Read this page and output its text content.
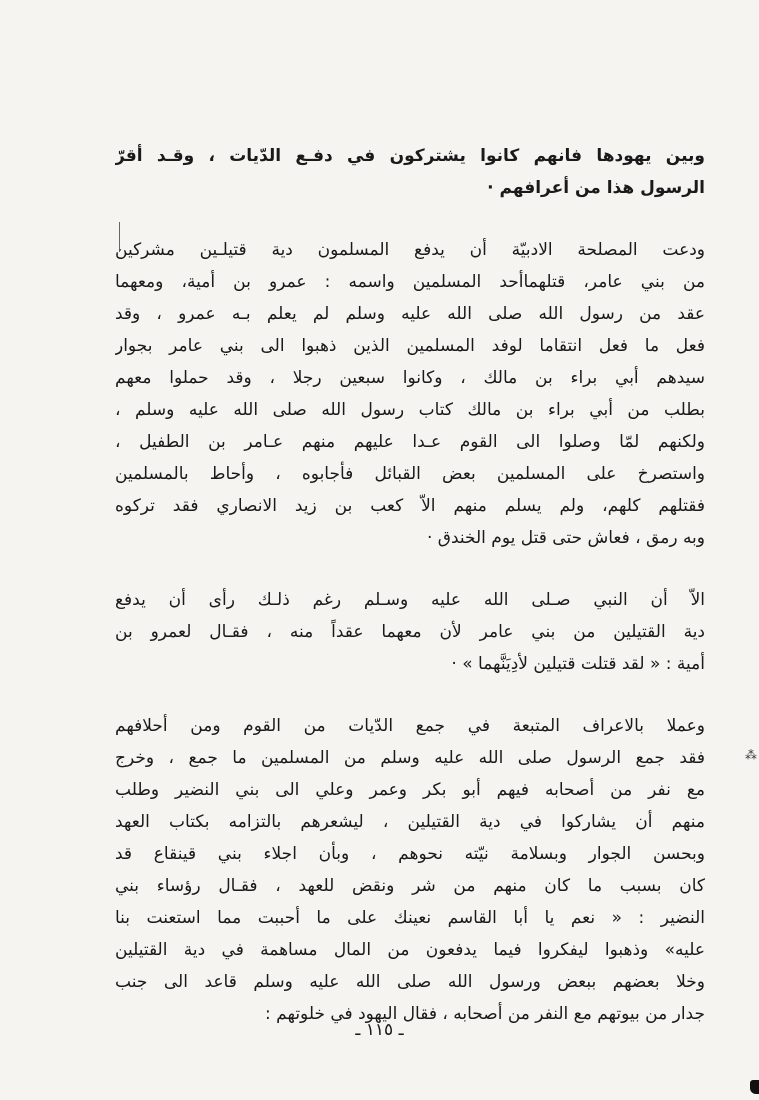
وبين يهودها فانهم كانوا يشتركون في دفـع الدّيات ، وقـد أقرّ
الرسول هذا من أعرافهم ·
ودعت المصلحة الادبيّة أن يدفع المسلمون دية قتيلـين مشركين
من بني عامر، قتلهماأحد المسلمين واسمه : عمرو بن أمية، ومعهما
عقد من رسول الله صلى الله عليه وسلم لم يعلم بـه عمرو ، وقد
فعل ما فعل انتقاما لوفد المسلمين الذين ذهبوا الى بني عامر بجوار
سيدهم أبي براء بن مالك ، وكانوا سبعين رجلا ، وقد حملوا معهم
بطلب من أبي براء بن مالك كتاب رسول الله صلى الله عليه وسلم ،
ولكنهم لمّا وصلوا الى القوم عـدا عليهم منهم عـامر بن الطفيل ،
واستصرخ على المسلمين بعض القبائل فأجابوه ، وأحاط بالمسلمين
فقتلهم كلهم، ولم يسلم منهم الاّ كعب بن زيد الانصاري فقد تركوه
وبه رمق ، فعاش حتى قتل يوم الخندق ·
الاّ أن النبي صـلى الله عليه وسـلم رغم ذلـك رأى أن يدفع
دية القتيلين من بني عامر لأن معهما عقداً منه ، فقـال لعمرو بن
أمية : « لقد قتلت قتيلين لأدِيَنَّهما » ·
وعملا بالاعراف المتبعة في جمع الدّيات من القوم ومن أحلافهم
فقد جمع الرسول صلى الله عليه وسلم من المسلمين ما جمع ، وخرج
مع نفر من أصحابه فيهم أبو بكر وعمر وعلي الى بني النضير وطلب
منهم أن يشاركوا في دية القتيلين ، ليشعرهم بالتزامه بكتاب العهد
وبحسن الجوار وبسلامة نيّته نحوهم ، وبأن اجلاء بني قينقاع قد
كان بسبب ما كان منهم من شر ونقض للعهد ، فقـال رؤساء بني
النضير : « نعم يا أبا القاسم نعينك على ما أحببت مما استعنت بنا
عليه» وذهبوا ليفكروا فيما يدفعون من المال مساهمة في دية القتيلين
وخلا بعضهم ببعض ورسول الله صلى الله عليه وسلم قاعد الى جنب
جدار من بيوتهم مع النفر من أصحابه ، فقال اليهود في خلوتهم :
⁂
ـ ١١٥ ـ
